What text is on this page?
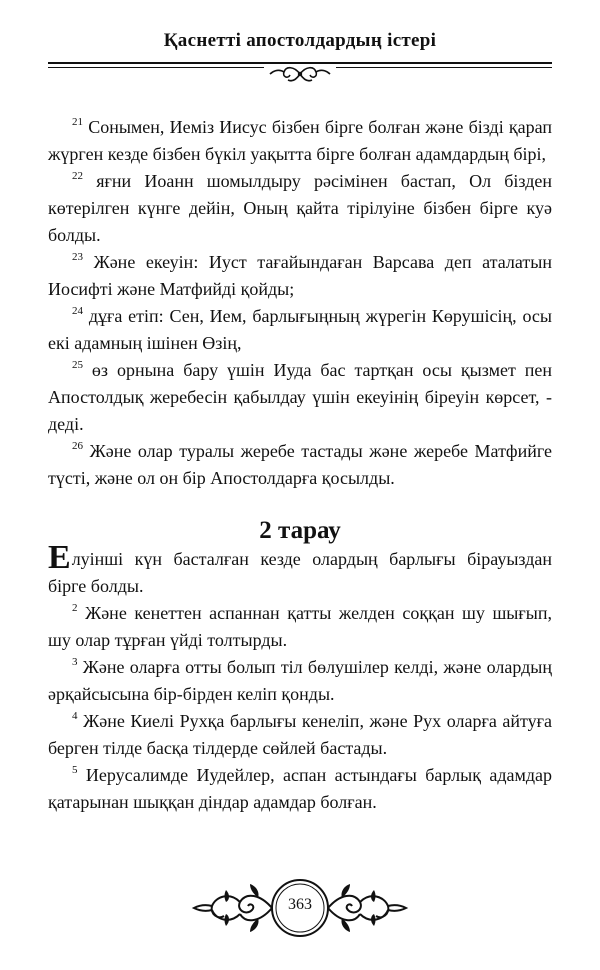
Қаснетті апостолдардың істері

$^{21}$ Сонымен, Иеміз Иисус бізбен бірге болған және бізді қарап жүрген кезде бізбен бүкіл уақытта бірге болған адамдардың бірі,

$^{22}$ яғни Иоанн шомылдыру рәсімінен бастап, Ол бізден көтерілген күнге дейін, Оның қайта тірілуіне бізбен бірге куә болды.

$^{23}$ Және екеуін: Иуст тағайындаған Варсава деп аталатын Иосифті және Матфийді қойды;

$^{24}$ дұға етіп: Сен, Ием, барлығыңның жүрегін Көрушісің, осы екі адамның ішінен Өзің,

$^{25}$ өз орнына бару үшін Иуда бас тартқан осы қызмет пен Апостолдық жеребесін қабылдау үшін екеуінің біреуін көрсет, - деді.

$^{26}$ Және олар туралы жеребе тастады және жеребе Матфийге түсті, және ол он бір Апостолдарға қосылды.

2 тарау

Елуінші күн басталған кезде олардың барлығы бірауыздан бірге болды.

$^2$ Және кенеттен аспаннан қатты желден соққан шу шығып, шу олар тұрған үйді толтырды.

$^3$ Және оларға отты болып тіл бөлушілер келді, және олардың әрқайсысына бір-бірден келіп қонды.

$^4$ Және Киелі Рухқа барлығы кенеліп, және Рух оларға айтуға берген тілде басқа тілдерде сөйлей бастады.

$^5$ Иерусалимде Иудейлер, аспан астындағы барлық адамдар қатарынан шыққан діндар адамдар болған.

363
